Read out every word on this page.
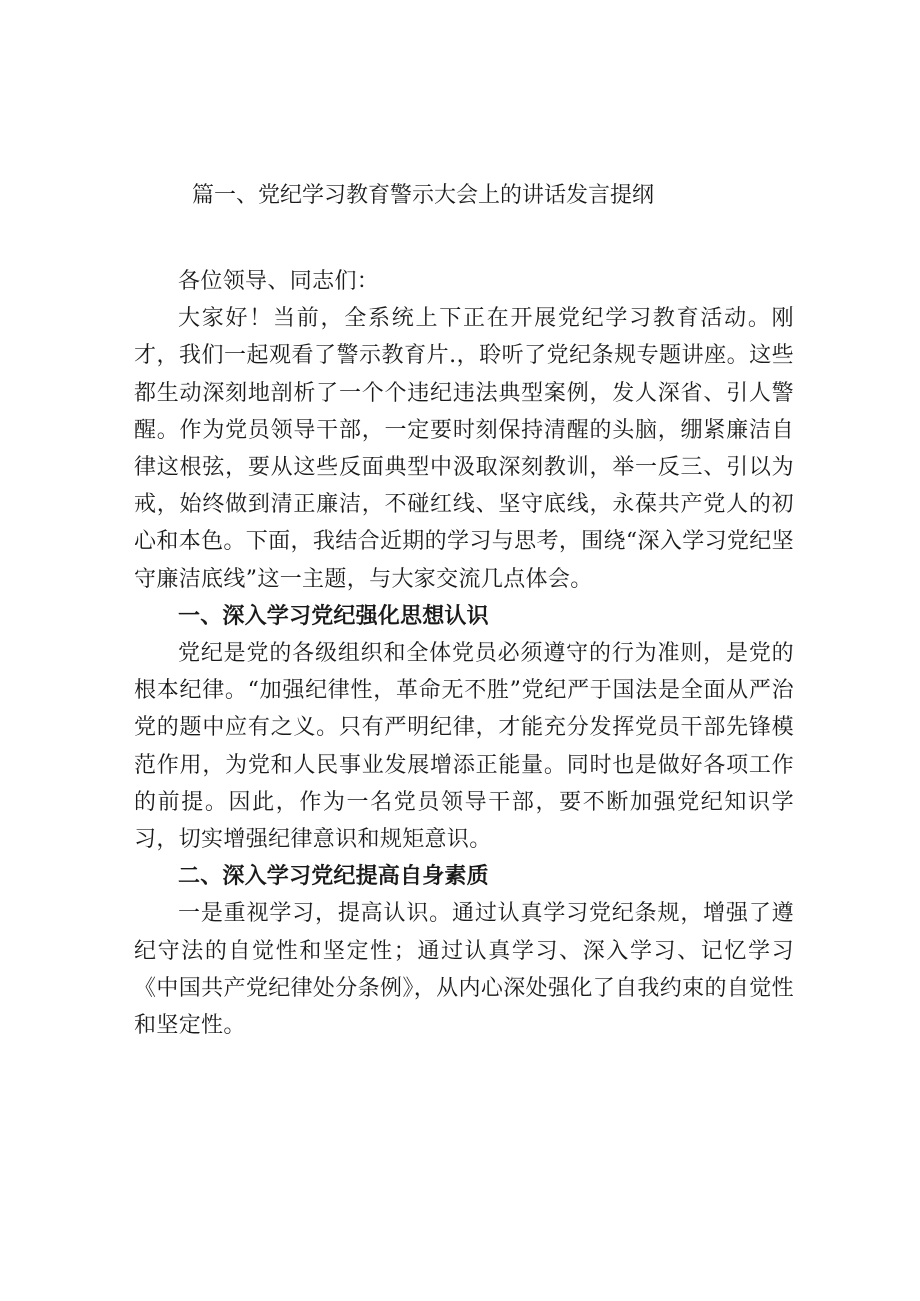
篇一、党纪学习教育警示大会上的讲话发言提纲

各位领导、同志们：

大家好！当前，全系统上下正在开展党纪学习教育活动。刚才，我们一起观看了警示教育片.，聆听了党纪条规专题讲座。这些都生动深刻地剖析了一个个违纪违法典型案例，发人深省、引人警醒。作为党员领导干部，一定要时刻保持清醒的头脑，绷紧廉洁自律这根弦，要从这些反面典型中汲取深刻教训，举一反三、引以为戒，始终做到清正廉洁，不碰红线、坚守底线，永葆共产党人的初心和本色。下面，我结合近期的学习与思考，围绕“深入学习党纪坚守廉洁底线”这一主题，与大家交流几点体会。

一、深入学习党纪强化思想认识

党纪是党的各级组织和全体党员必须遵守的行为准则，是党的根本纪律。“加强纪律性，革命无不胜”党纪严于国法是全面从严治党的题中应有之义。只有严明纪律，才能充分发挥党员干部先锋模范作用，为党和人民事业发展增添正能量。同时也是做好各项工作的前提。因此，作为一名党员领导干部，要不断加强党纪知识学习，切实增强纪律意识和规矩意识。

二、深入学习党纪提高自身素质

一是重视学习，提高认识。通过认真学习党纪条规，增强了遵纪守法的自觉性和坚定性；通过认真学习、深入学习、记忆学习《中国共产党纪律处分条例》，从内心深处强化了自我约束的自觉性和坚定性。
